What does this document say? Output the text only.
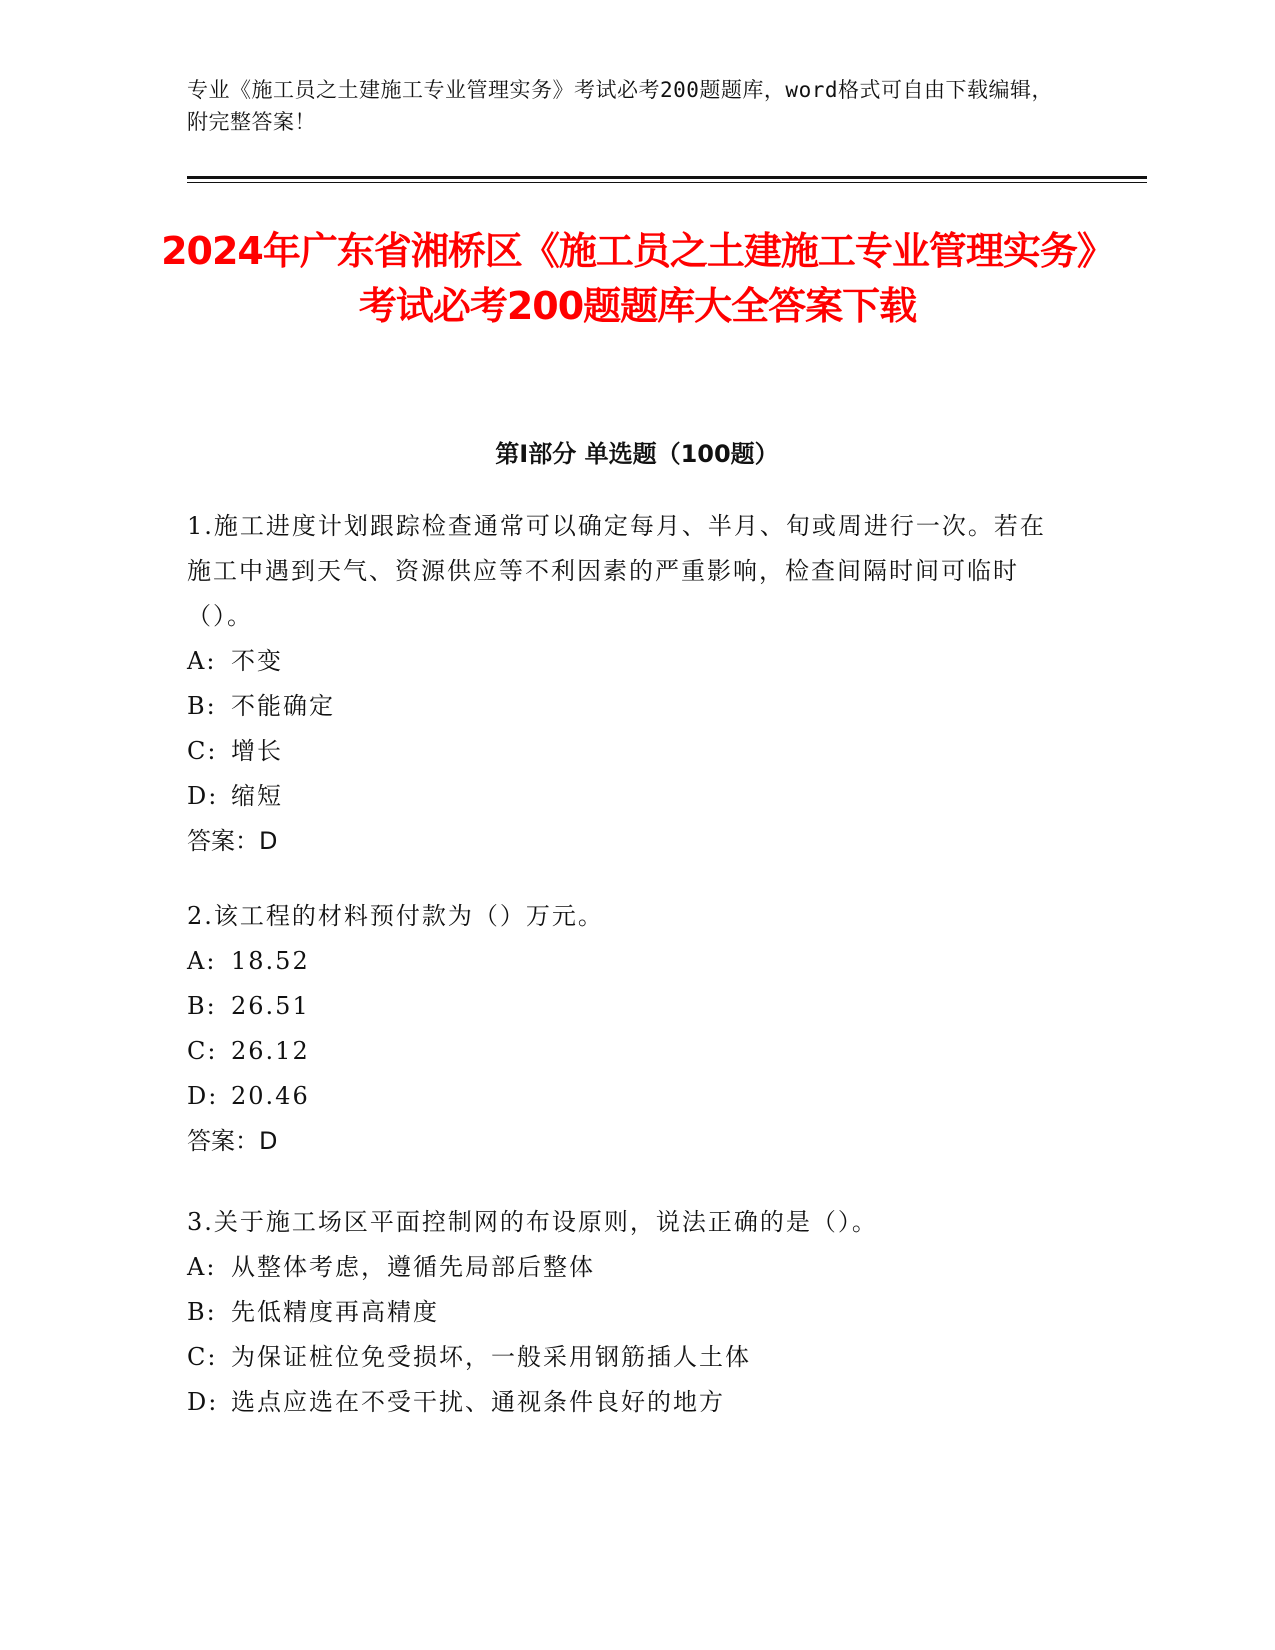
专业《施工员之土建施工专业管理实务》考试必考200题题库，word格式可自由下载编辑，附完整答案！
2024年广东省湘桥区《施工员之土建施工专业管理实务》考试必考200题题库大全答案下载
第I部分 单选题（100题）

1.施工进度计划跟踪检查通常可以确定每月、半月、旬或周进行一次。若在施工中遇到天气、资源供应等不利因素的严重影响，检查间隔时间可临时（）。

A: 不变

B: 不能确定

C: 增长

D: 缩短

答案：D

2.该工程的材料预付款为（）万元。

A: 18.52

B: 26.51

C: 26.12

D: 20.46

答案：D

3.关于施工场区平面控制网的布设原则，说法正确的是（）。

A: 从整体考虑，遵循先局部后整体

B: 先低精度再高精度

C: 为保证桩位免受损坏，一般采用钢筋插人土体

D: 选点应选在不受干扰、通视条件良好的地方
